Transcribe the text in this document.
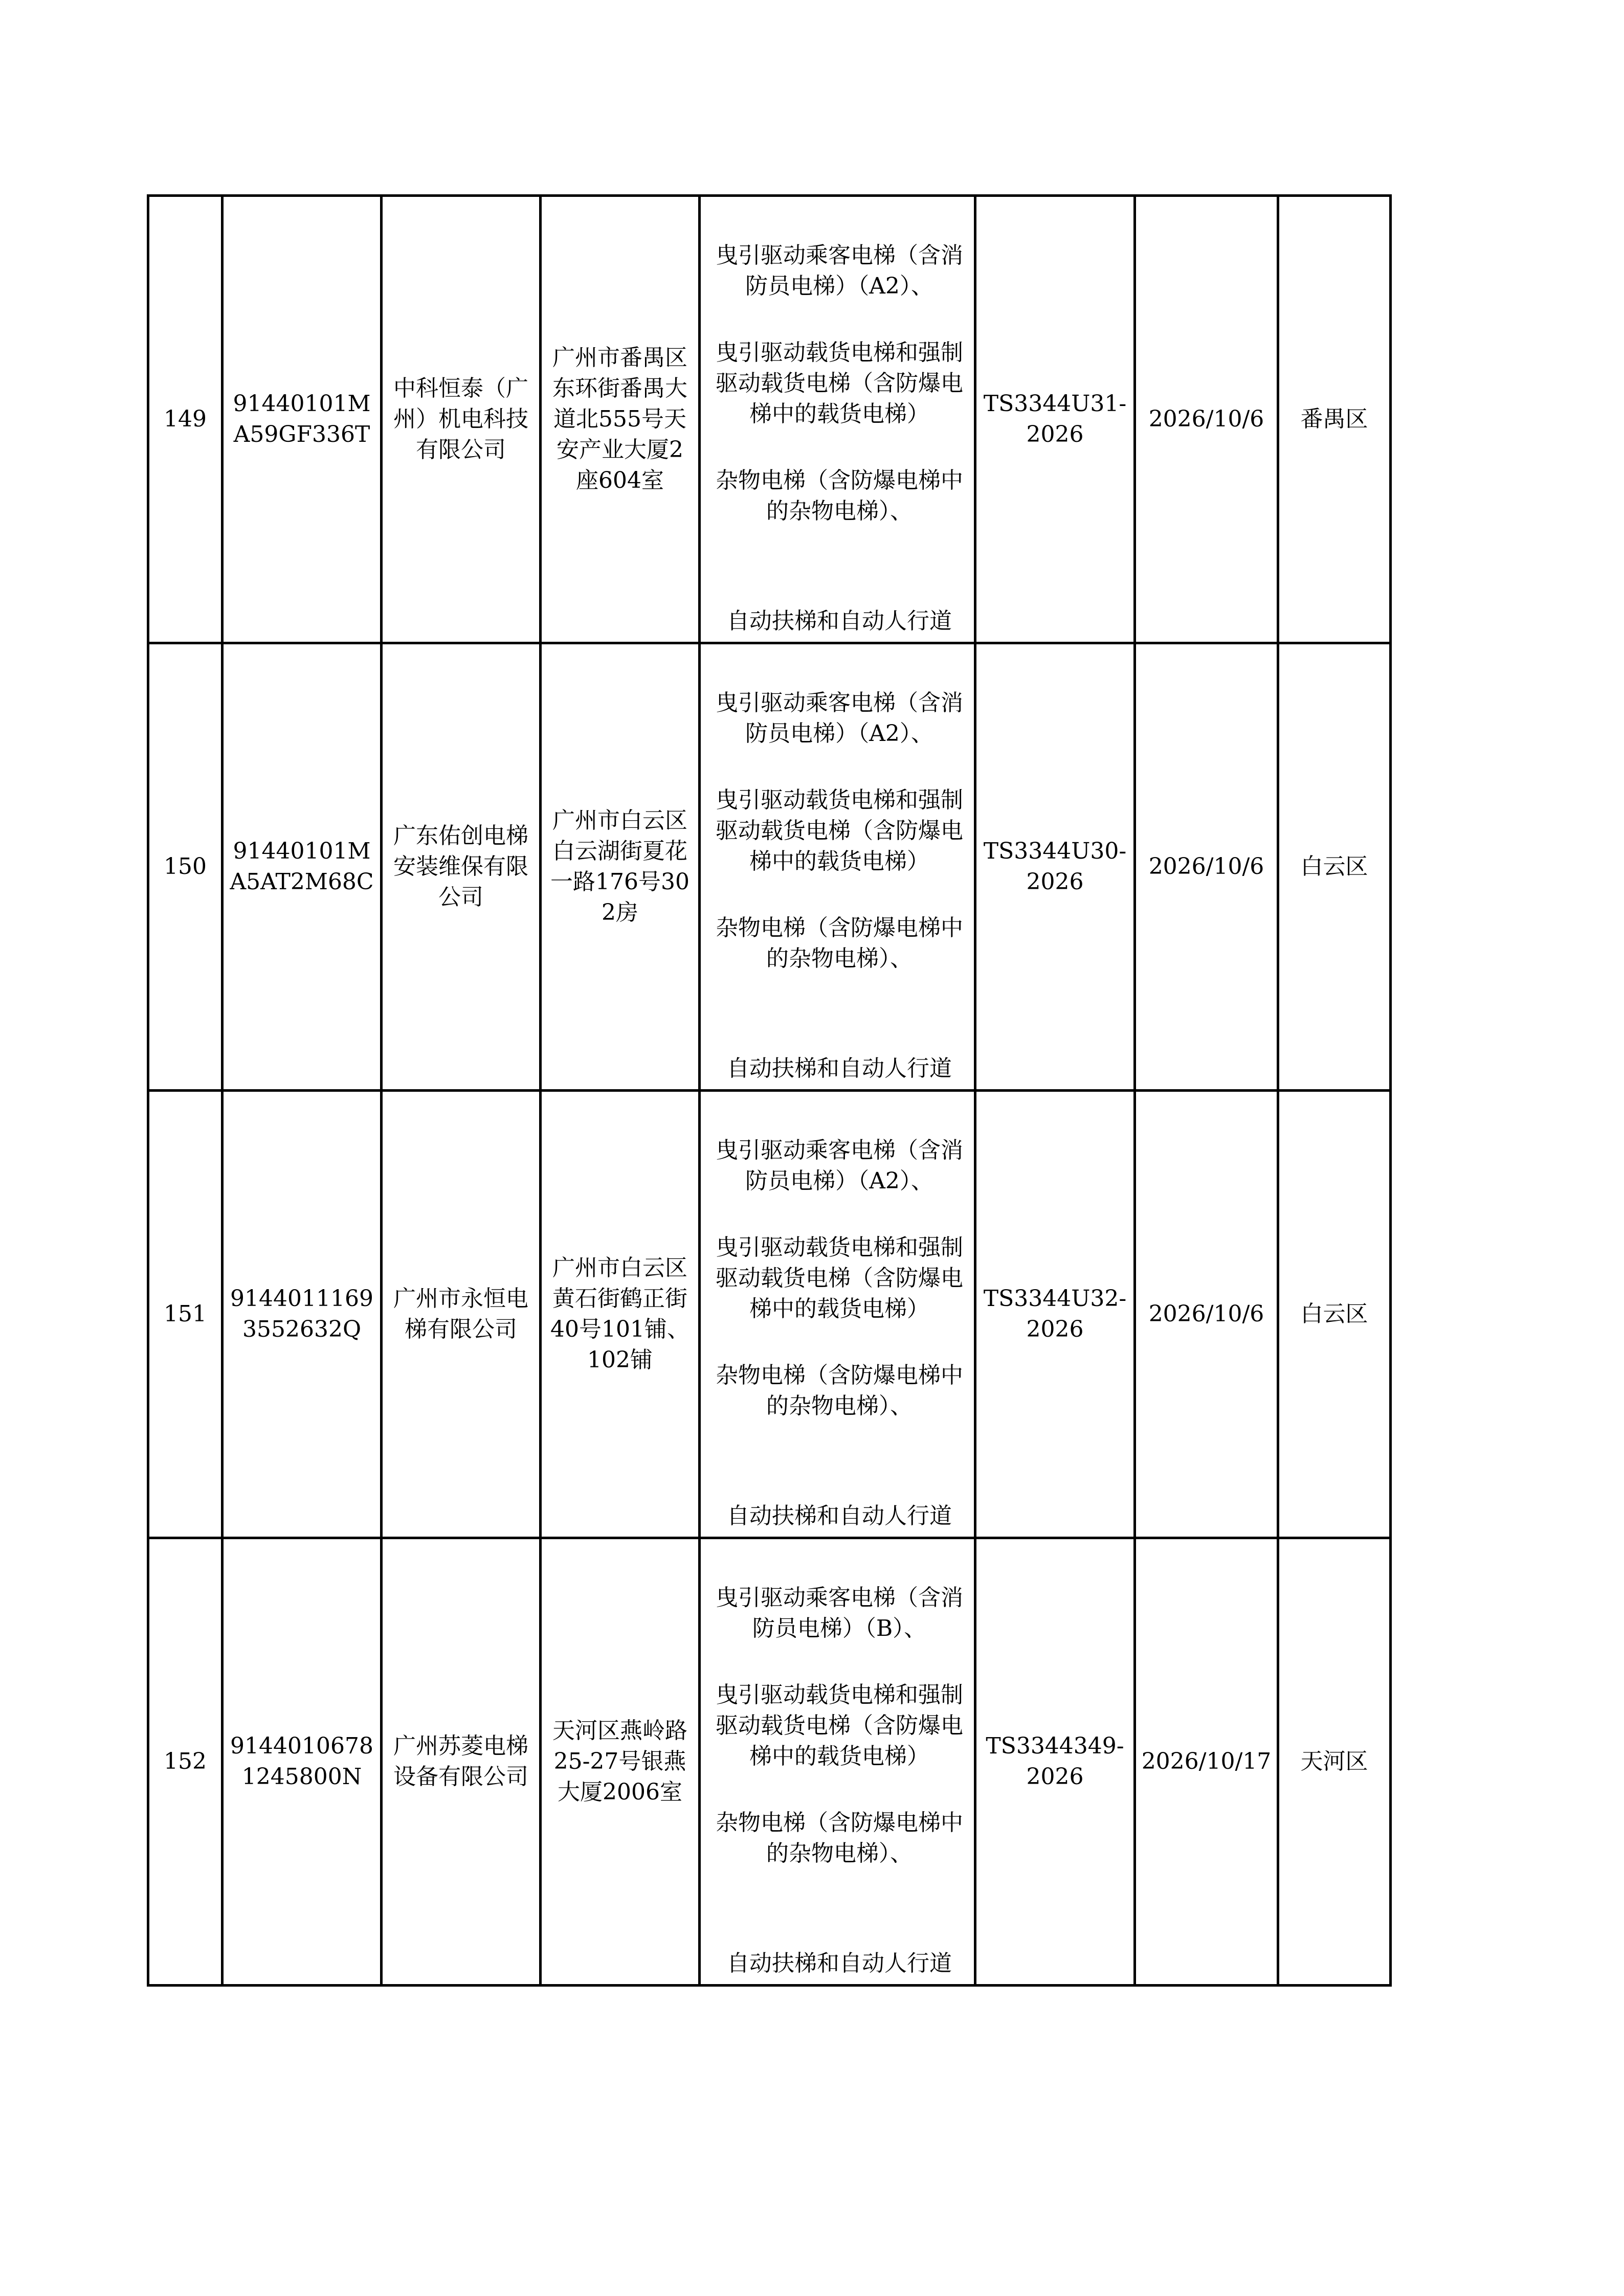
149	91440101MA59GF336T	中科恒泰（广州）机电科技有限公司	广州市番禺区东环街番禺大道北555号天安产业大厦2座604室	曳引驱动乘客电梯（含消防员电梯）（A2）、
曳引驱动载货电梯和强制驱动载货电梯（含防爆电梯中的载货电梯）
杂物电梯（含防爆电梯中的杂物电梯）、
自动扶梯和自动人行道	TS3344U31-2026	2026/10/6	番禺区

150	91440101MA5AT2M68C	广东佑创电梯安装维保有限公司	广州市白云区白云湖街夏花一路176号302房	曳引驱动乘客电梯（含消防员电梯）（A2）、
曳引驱动载货电梯和强制驱动载货电梯（含防爆电梯中的载货电梯）
杂物电梯（含防爆电梯中的杂物电梯）、
自动扶梯和自动人行道	TS3344U30-2026	2026/10/6	白云区

151	91440111693552632Q	广州市永恒电梯有限公司	广州市白云区黄石街鹤正街40号101铺、102铺	曳引驱动乘客电梯（含消防员电梯）（A2）、
曳引驱动载货电梯和强制驱动载货电梯（含防爆电梯中的载货电梯）
杂物电梯（含防爆电梯中的杂物电梯）、
自动扶梯和自动人行道	TS3344U32-2026	2026/10/6	白云区

152	91440106781245800N	广州苏菱电梯设备有限公司	天河区燕岭路25-27号银燕大厦2006室	曳引驱动乘客电梯（含消防员电梯）（B）、
曳引驱动载货电梯和强制驱动载货电梯（含防爆电梯中的载货电梯）
杂物电梯（含防爆电梯中的杂物电梯）、
自动扶梯和自动人行道	TS3344349-2026	2026/10/17	天河区
